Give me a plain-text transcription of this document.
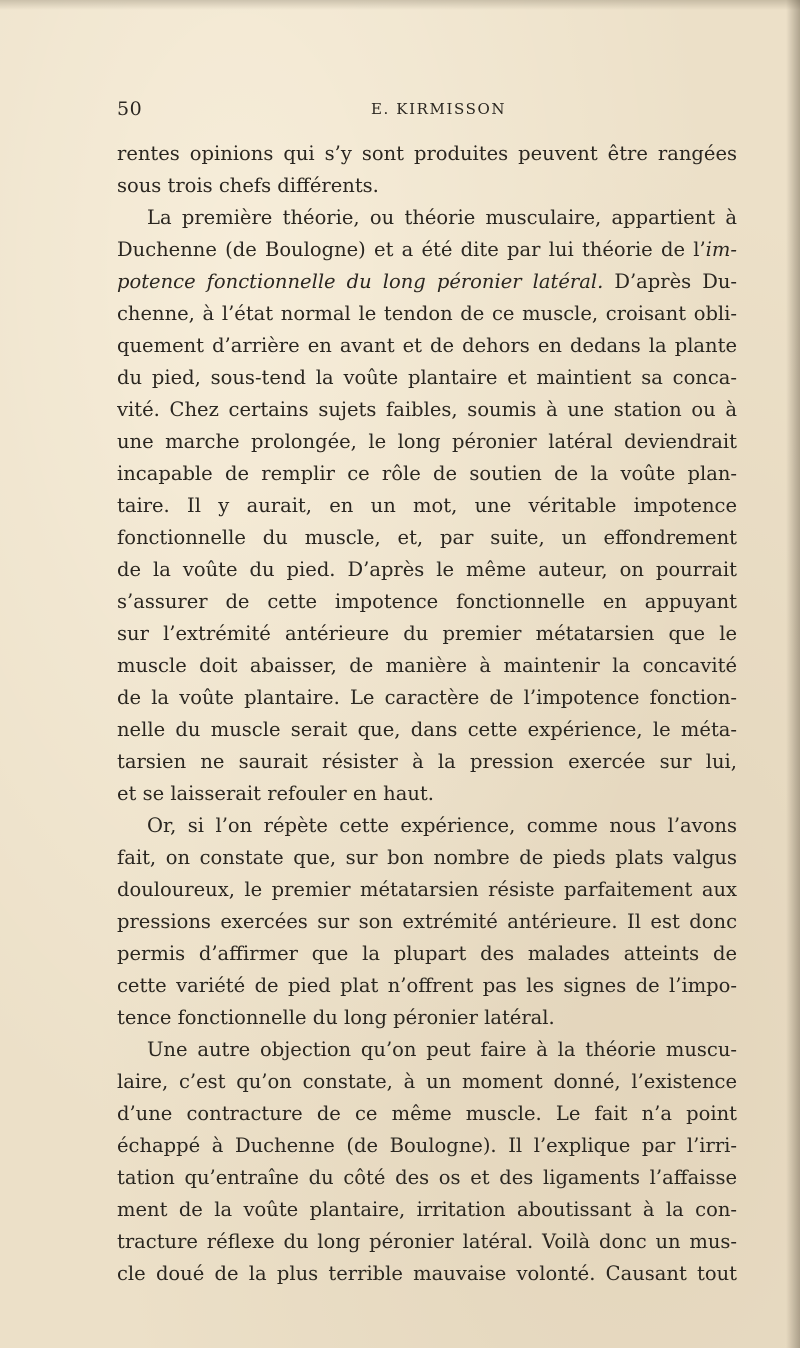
50	E. KIRMISSON
rentes opinions qui s’y sont produites peuvent être rangées
sous trois chefs différents.
La première théorie, ou théorie musculaire, appartient à
Duchenne (de Boulogne) et a été dite par lui théorie de l’im-
potence fonctionnelle du long péronier latéral. D’après Du-
chenne, à l’état normal le tendon de ce muscle, croisant obli-
quement d’arrière en avant et de dehors en dedans la plante
du pied, sous-tend la voûte plantaire et maintient sa conca-
vité. Chez certains sujets faibles, soumis à une station ou à
une marche prolongée, le long péronier latéral deviendrait
incapable de remplir ce rôle de soutien de la voûte plan-
taire. Il y aurait, en un mot, une véritable impotence
fonctionnelle du muscle, et, par suite, un effondrement
de la voûte du pied. D’après le même auteur, on pourrait
s’assurer de cette impotence fonctionnelle en appuyant
sur l’extrémité antérieure du premier métatarsien que le
muscle doit abaisser, de manière à maintenir la concavité
de la voûte plantaire. Le caractère de l’impotence fonction-
nelle du muscle serait que, dans cette expérience, le méta-
tarsien ne saurait résister à la pression exercée sur lui,
et se laisserait refouler en haut.
Or, si l’on répète cette expérience, comme nous l’avons
fait, on constate que, sur bon nombre de pieds plats valgus
douloureux, le premier métatarsien résiste parfaitement aux
pressions exercées sur son extrémité antérieure. Il est donc
permis d’affirmer que la plupart des malades atteints de
cette variété de pied plat n’offrent pas les signes de l’impo-
tence fonctionnelle du long péronier latéral.
Une autre objection qu’on peut faire à la théorie muscu-
laire, c’est qu’on constate, à un moment donné, l’existence
d’une contracture de ce même muscle. Le fait n’a point
échappé à Duchenne (de Boulogne). Il l’explique par l’irri-
tation qu’entraîne du côté des os et des ligaments l’affaisse
ment de la voûte plantaire, irritation aboutissant à la con-
tracture réflexe du long péronier latéral. Voilà donc un mus-
cle doué de la plus terrible mauvaise volonté. Causant tout
